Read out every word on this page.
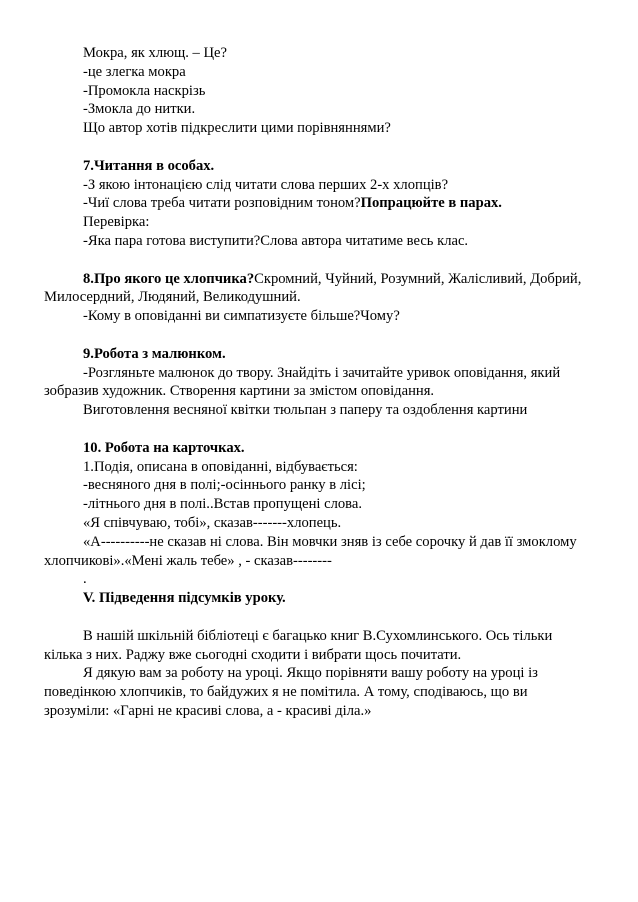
Мокра, як хлющ. – Це?
-це злегка мокра
-Промокла наскрізь
-Змокла до нитки.
Що автор хотів підкреслити цими порівняннями?
7.Читання в особах.
-З якою інтонацією слід читати слова перших 2-х хлопців?
-Чиї слова треба читати розповідним тоном?Попрацюйте в парах.
Перевірка:
-Яка пара готова виступити?Слова автора читатиме весь клас.
8.Про якого це хлопчика?Скромний, Чуйний, Розумний, Жалісливий, Добрий,
Милосердний, Людяний, Великодушний.
-Кому в оповіданні ви симпатизуєте більше?Чому?
9.Робота з малюнком.
-Розгляньте малюнок до твору. Знайдіть і зачитайте уривок оповідання, який
зобразив художник. Створення картини за змістом оповідання.
Виготовлення весняної квітки тюльпан з паперу та оздоблення картини
10. Робота на карточках.
1.Подія, описана в оповіданні, відбувається:
-весняного дня в полі;-осіннього ранку в лісі;
-літнього дня в полі..Встав пропущені слова.
«Я співчуваю, тобі», сказав-------хлопець.
«А----------не сказав ні слова. Він мовчки зняв із себе сорочку й дав її змоклому
хлопчикові».«Мені жаль тебе» , - сказав--------
.
V. Підведення підсумків уроку.
В нашій шкільній бібліотеці є багацько книг В.Сухомлинського. Ось тільки
кілька з них. Раджу вже сьогодні сходити і вибрати щось почитати.
Я дякую вам за роботу на уроці. Якщо порівняти вашу роботу на уроці із
поведінкою хлопчиків, то байдужих я не помітила. А тому, сподіваюсь, що ви
зрозуміли: «Гарні не красиві слова, а - красиві діла.»
